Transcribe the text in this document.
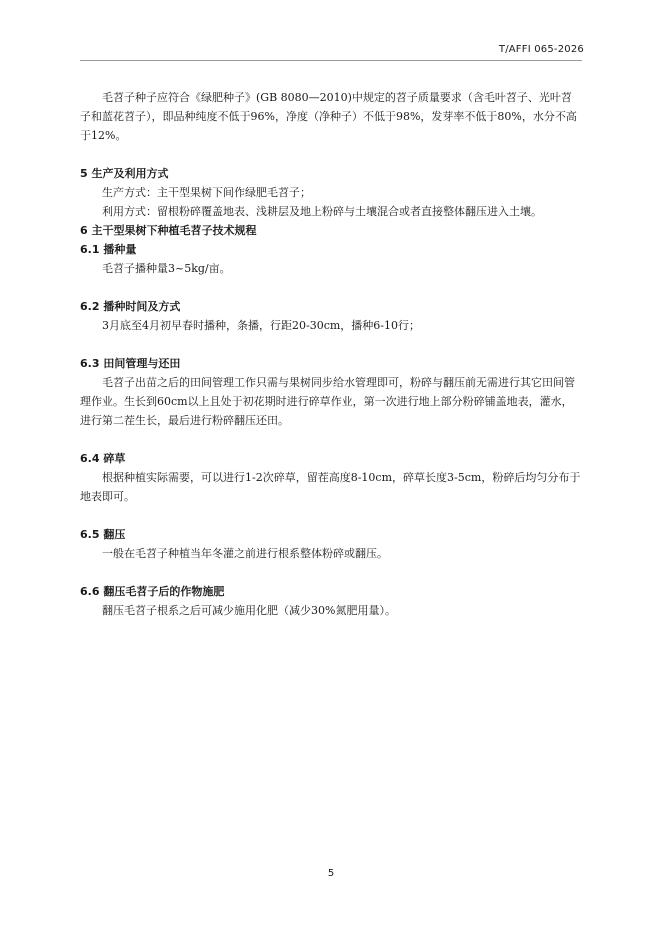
T/AFFI 065-2026

毛苕子种子应符合《绿肥种子》(GB 8080—2010)中规定的苕子质量要求（含毛叶苕子、光叶苕子和蓝花苕子），即品种纯度不低于96%，净度（净种子）不低于98%，发芽率不低于80%，水分不高于12%。

5 生产及利用方式

生产方式：主干型果树下间作绿肥毛苕子；

利用方式：留根粉碎覆盖地表、浅耕层及地上粉碎与土壤混合或者直接整体翻压进入土壤。

6 主干型果树下种植毛苕子技术规程
6.1 播种量

毛苕子播种量3~5kg/亩。

6.2 播种时间及方式

3月底至4月初早春时播种，条播，行距20-30cm，播种6-10行；

6.3 田间管理与还田

毛苕子出苗之后的田间管理工作只需与果树同步给水管理即可，粉碎与翻压前无需进行其它田间管理作业。生长到60cm以上且处于初花期时进行碎草作业，第一次进行地上部分粉碎铺盖地表，灌水，进行第二茬生长，最后进行粉碎翻压还田。

6.4 碎草

根据种植实际需要，可以进行1-2次碎草，留茬高度8-10cm，碎草长度3-5cm，粉碎后均匀分布于地表即可。

6.5 翻压

一般在毛苕子种植当年冬灌之前进行根系整体粉碎或翻压。

6.6 翻压毛苕子后的作物施肥

翻压毛苕子根系之后可减少施用化肥（减少30%氮肥用量）。

5
